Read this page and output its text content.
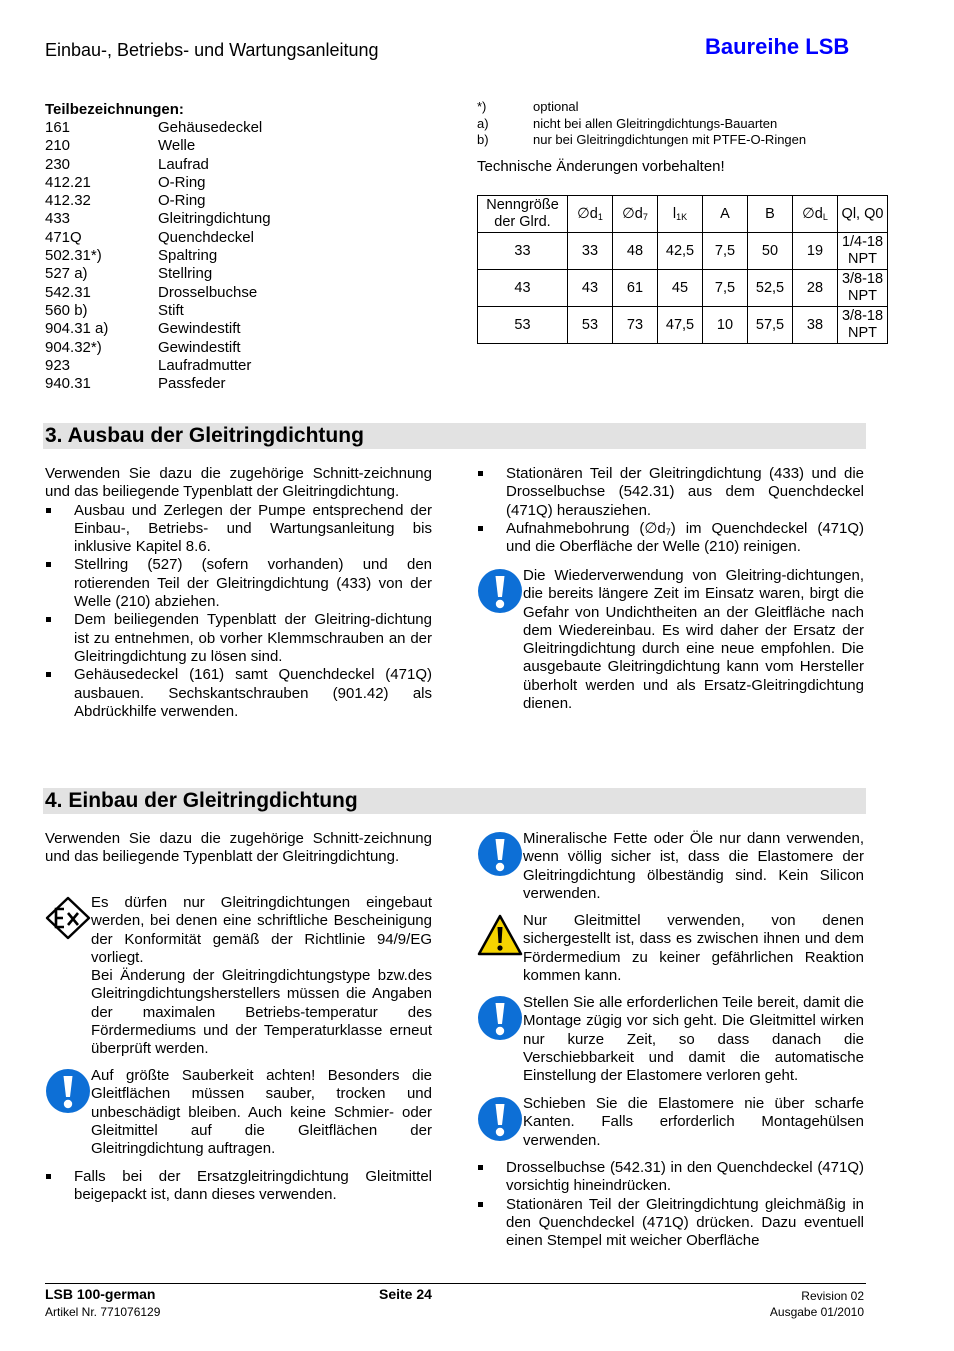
Einbau-, Betriebs- und Wartungsanleitung	Baureihe LSB
Teilbezeichnungen:
161	Gehäusedeckel
210	Welle
230	Laufrad
412.21	O-Ring
412.32	O-Ring
433	Gleitringdichtung
471Q	Quenchdeckel
502.31*)	Spaltring
527 a)	Stellring
542.31	Drosselbuchse
560 b)	Stift
904.31 a)	Gewindestift
904.32*)	Gewindestift
923	Laufradmutter
940.31	Passfeder
*)	optional
a)	nicht bei allen Gleitringdichtungs-Bauarten
b)	nur bei Gleitringdichtungen mit PTFE-O-Ringen
Technische Änderungen vorbehalten!
Nenngröße
der Glrd.	$\emptyset d_1$	$\emptyset d_7$	$l_{1K}$	A	B	$\emptyset d_L$	Ql, Q0
33	33	48	42,5	7,5	50	19	1/4-18
NPT

43	43	61	45	7,5	52,5	28	3/8-18
NPT

53	53	73	47,5	10	57,5	38	3/8-18
NPT
3. Ausbau der Gleitringdichtung
Verwenden Sie dazu die zugehörige Schnitt-zeichnung und das beiliegende Typenblatt der Gleitringdichtung.
Ausbau und Zerlegen der Pumpe entsprechend der Einbau-, Betriebs- und Wartungsanleitung bis inklusive Kapitel 8.6.
Stellring (527) (sofern vorhanden) und den rotierenden Teil der Gleitringdichtung (433) von der Welle (210) abziehen.
Dem beiliegenden Typenblatt der Gleitring-dichtung ist zu entnehmen, ob vorher Klemmschrauben an der Gleitringdichtung zu lösen sind.
Gehäusedeckel (161) samt Quenchdeckel (471Q) ausbauen. Sechskantschrauben (901.42) als Abdrückhilfe verwenden.
Stationären Teil der Gleitringdichtung (433) und die Drosselbuchse (542.31) aus dem Quenchdeckel (471Q) herausziehen.
Aufnahmebohrung $(\emptyset d_7)$ im Quenchdeckel (471Q) und die Oberfläche der Welle (210) reinigen.
Die Wiederverwendung von Gleitring-dichtungen, die bereits längere Zeit im Einsatz waren, birgt die Gefahr von Undichtheiten an der Gleitfläche nach dem Wiedereinbau. Es wird daher der Ersatz der Gleitringdichtung durch eine neue empfohlen. Die ausgebaute Gleitringdichtung kann vom Hersteller überholt werden und als Ersatz-Gleitringdichtung dienen.
4. Einbau der Gleitringdichtung
Verwenden Sie dazu die zugehörige Schnitt-zeichnung und das beiliegende Typenblatt der Gleitringdichtung.
Es dürfen nur Gleitringdichtungen eingebaut werden, bei denen eine schriftliche Bescheinigung der Konformität gemäß der Richtlinie 94/9/EG vorliegt.
Bei Änderung der Gleitringdichtungstype bzw.des Gleitringdichtungsherstellers müssen die Angaben der maximalen Betriebs-temperatur des Fördermediums und der Temperaturklasse erneut überprüft werden.
Auf größte Sauberkeit achten! Besonders die Gleitflächen müssen sauber, trocken und unbeschädigt bleiben. Auch keine Schmier- oder Gleitmittel auf die Gleitflächen der Gleitringdichtung auftragen.
Falls bei der Ersatzgleitringdichtung Gleitmittel beigepackt ist, dann dieses verwenden.
Mineralische Fette oder Öle nur dann verwenden, wenn völlig sicher ist, dass die Elastomere der Gleitringdichtung ölbeständig sind. Kein Silicon verwenden.
Nur Gleitmittel verwenden, von denen sichergestellt ist, dass es zwischen ihnen und dem Fördermedium zu keiner gefährlichen Reaktion kommen kann.
Stellen Sie alle erforderlichen Teile bereit, damit die Montage zügig vor sich geht. Die Gleitmittel wirken nur kurze Zeit, so dass danach die Verschiebbarkeit und damit die automatische Einstellung der Elastomere verloren geht.
Schieben Sie die Elastomere nie über scharfe Kanten. Falls erforderlich Montagehülsen verwenden.
Drosselbuchse (542.31) in den Quenchdeckel (471Q) vorsichtig hineindrücken.
Stationären Teil der Gleitringdichtung gleichmäßig in den Quenchdeckel (471Q) drücken. Dazu eventuell einen Stempel mit weicher Oberfläche
LSB 100-german
Artikel Nr. 771076129
Seite 24	Revision 02
Ausgabe 01/2010
